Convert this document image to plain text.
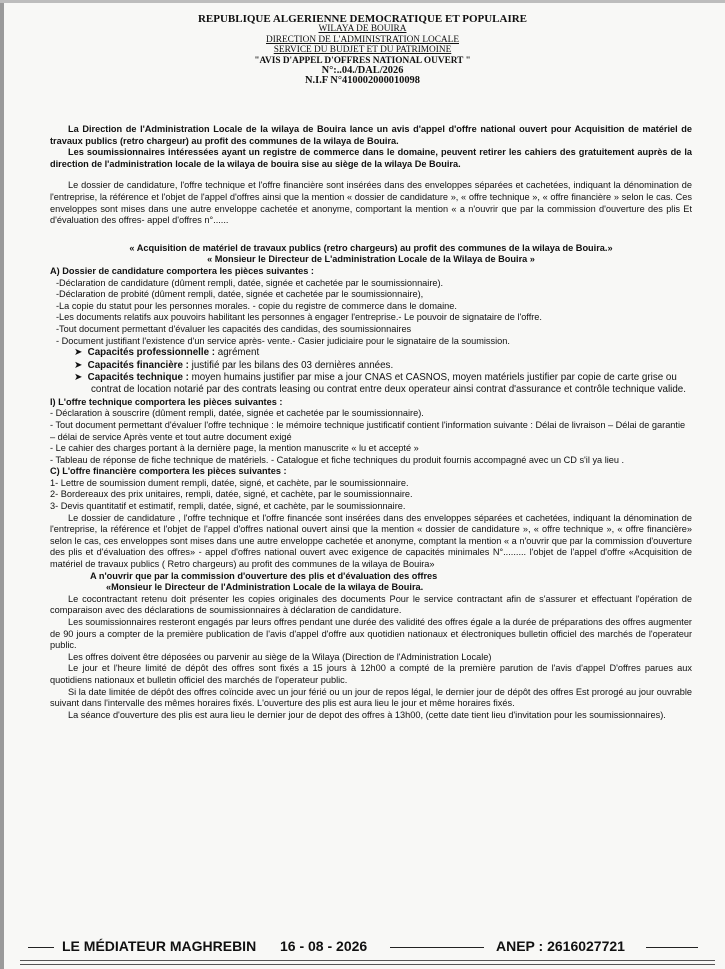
REPUBLIQUE ALGERIENNE DEMOCRATIQUE ET POPULAIRE
WILAYA DE BOUIRA
DIRECTION DE L'ADMINISTRATION LOCALE
SERVICE DU BUDJET ET DU PATRIMOINE
"AVIS D'APPEL D'OFFRES NATIONAL OUVERT "
N°:..04./DAL/2026
N.I.F N°410002000010098

La Direction de l'Administration Locale de la wilaya de Bouira lance un avis d'appel d'offre national ouvert pour Acquisition de matériel de travaux publics (retro chargeur) au profit des communes de la wilaya de Bouira.

Les soumissionnaires intéressées ayant un registre de commerce dans le domaine, peuvent retirer les cahiers des gratuitement auprès de la direction de l'administration locale de la wilaya de bouira sise au siège de la wilaya De Bouira.

Le dossier de candidature, l'offre technique et l'offre financière sont insérées dans des enveloppes séparées et cachetées, indiquant la dénomination de l'entreprise, la référence et l'objet de l'appel d'offres ainsi que la mention « dossier de candidature », « offre technique », « offre financière » selon le cas. Ces enveloppes sont mises dans une autre enveloppe cachetée et anonyme, comportant la mention « a n'ouvrir que par la commission d'ouverture des plis Et d'évaluation des offres- appel d'offres n°......

« Acquisition de matériel de travaux publics (retro chargeurs) au profit des communes de la wilaya de Bouira.»

« Monsieur le Directeur de L'administration Locale de la Wilaya de Bouira »

A) Dossier de candidature comportera les pièces suivantes :

-Déclaration de candidature (dûment rempli, datée, signée et cachetée par le soumissionnaire).

-Déclaration de probité (dûment rempli, datée, signée et cachetée par le soumissionnaire),

-La copie du statut pour les personnes morales. - copie du registre de commerce dans le domaine.

-Les documents relatifs aux pouvoirs habilitant les personnes à engager l'entreprise.- Le pouvoir de signataire de l'offre.

-Tout document permettant d'évaluer les capacités des candidas, des soumissionnaires

- Document justifiant l'existence d'un service après- vente.- Casier judiciaire pour le signataire de la soumission.

➤  Capacités professionnelle : agrément
➤  Capacités financière : justifié par les bilans des 03 dernières années.
➤  Capacités technique : moyen humains justifier par mise a jour CNAS et CASNOS, moyen matériels justifier par copie de carte grise ou contrat de location notarié par des contrats leasing ou contrat entre deux operateur ainsi contrat d'assurance et contrôle technique valide.

I) L'offre technique comportera les pièces suivantes :

- Déclaration à souscrire (dûment rempli, datée, signée et cachetée par le soumissionnaire).

- Tout document permettant d'évaluer l'offre technique : le mémoire technique justificatif contient l'information suivante : Délai de livraison – Délai de garantie – délai de service Après vente et tout autre document exigé

- Le cahier des charges portant à la dernière page, la mention manuscrite « lu et accepté »

- Tableau de réponse de fiche technique de matériels. - Catalogue et fiche techniques du produit fournis accompagné avec un CD s'il ya lieu .

C) L'offre financière comportera les pièces suivantes :

1- Lettre de soumission dument rempli, datée, signé, et cachète, par le soumissionnaire.

2- Bordereaux des prix unitaires, rempli, datée, signé, et cachète, par le soumissionnaire.

3- Devis quantitatif et estimatif, rempli, datée, signé, et cachète, par le soumissionnaire.

Le dossier de candidature , l'offre technique et l'offre financée sont insérées dans des enveloppes séparées et cachetées, indiquant la dénomination de l'entreprise, la référence et l'objet de l'appel d'offres national ouvert ainsi que la mention « dossier de candidature », « offre technique », « offre financière» selon le cas, ces enveloppes sont mises dans une autre enveloppe cachetée et anonyme, comptant la mention « a n'ouvrir que par la commission d'ouverture des plis et d'évaluation des offres» - appel d'offres national ouvert avec exigence de capacités minimales N°......... l'objet de l'appel d'offre «Acquisition de matériel de travaux publics ( Retro chargeurs) au profit des communes de la wilaya de Bouira»

A n'ouvrir que par la commission d'ouverture des plis et d'évaluation des offres

«Monsieur le Directeur de l'Administration Locale de la wilaya de Bouira.

Le cocontractant retenu doit présenter les copies originales des documents Pour le service contractant afin de s'assurer et effectuant l'opération de comparaison avec des déclarations de soumissionnaires à déclaration de candidature.

Les soumissionnaires resteront engagés par leurs offres pendant une durée des validité des offres égale a la durée de préparations des offres augmenter de 90 jours a compter de la première publication de l'avis d'appel d'offre aux quotidien nationaux et électroniques bulletin officiel des marchés de l'operateur public.

Les offres doivent être déposées ou parvenir au siège de la Wilaya (Direction de l'Administration Locale)

Le jour et l'heure limité de dépôt des offres sont fixés a 15 jours à 12h00 a compté de la première parution de l'avis d'appel D'offres parues aux quotidiens nationaux et bulletin officiel des marchés de l'operateur public.

Si la date limitée de dépôt des offres coïncide avec un jour férié ou un jour de repos légal, le dernier jour de dépôt des offres Est prorogé au jour ouvrable suivant dans l'intervalle des mêmes horaires fixés. L'ouverture des plis est aura lieu le jour et même horaires fixés.

La séance d'ouverture des plis est aura lieu le dernier jour de depot des offres à 13h00, (cette date tient lieu d'invitation pour les soumissionnaires).

LE MÉDIATEUR MAGHREBIN 16 - 08 - 2026	ANEP : 2616027721
